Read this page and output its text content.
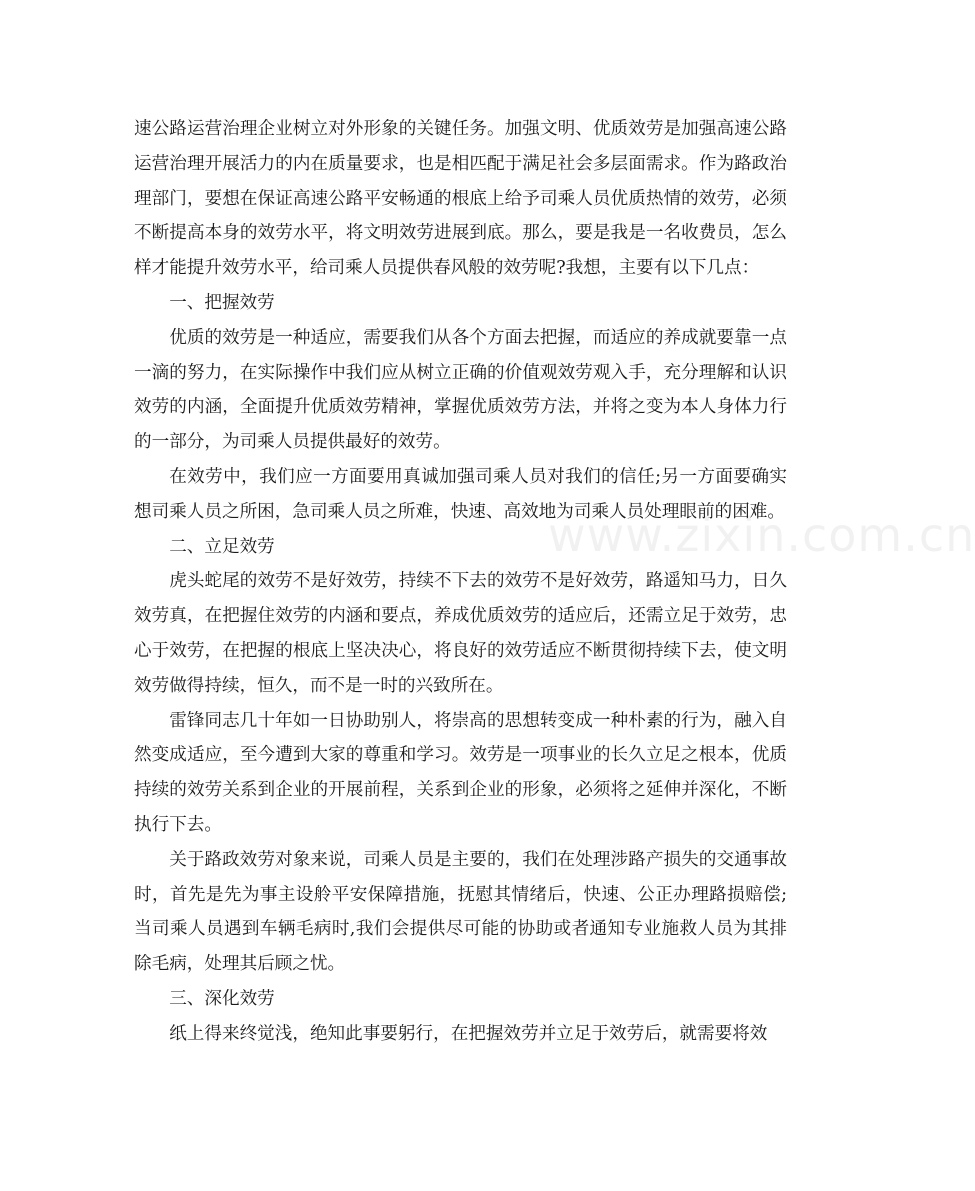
速公路运营治理企业树立对外形象的关键任务。加强文明、优质效劳是加强高速公路运营治理开展活力的内在质量要求，也是相匹配于满足社会多层面需求。作为路政治理部门，要想在保证高速公路平安畅通的根底上给予司乘人员优质热情的效劳，必须不断提高本身的效劳水平，将文明效劳进展到底。那么，要是我是一名收费员，怎么样才能提升效劳水平，给司乘人员提供春风般的效劳呢?我想，主要有以下几点：

一、把握效劳

优质的效劳是一种适应，需要我们从各个方面去把握，而适应的养成就要靠一点一滴的努力，在实际操作中我们应从树立正确的价值观效劳观入手，充分理解和认识效劳的内涵，全面提升优质效劳精神，掌握优质效劳方法，并将之变为本人身体力行的一部分，为司乘人员提供最好的效劳。

在效劳中，我们应一方面要用真诚加强司乘人员对我们的信任;另一方面要确实想司乘人员之所困，急司乘人员之所难，快速、高效地为司乘人员处理眼前的困难。

二、立足效劳

虎头蛇尾的效劳不是好效劳，持续不下去的效劳不是好效劳，路遥知马力，日久效劳真，在把握住效劳的内涵和要点，养成优质效劳的适应后，还需立足于效劳，忠心于效劳，在把握的根底上坚决决心，将良好的效劳适应不断贯彻持续下去，使文明效劳做得持续，恒久，而不是一时的兴致所在。

雷锋同志几十年如一日协助别人，将崇高的思想转变成一种朴素的行为，融入自然变成适应，至今遭到大家的尊重和学习。效劳是一项事业的长久立足之根本，优质持续的效劳关系到企业的开展前程，关系到企业的形象，必须将之延伸并深化，不断执行下去。

关于路政效劳对象来说，司乘人员是主要的，我们在处理涉路产损失的交通事故时，首先是先为事主设舲平安保障措施，抚慰其情绪后，快速、公正办理路损赔偿;当司乘人员遇到车辆毛病时,我们会提供尽可能的协助或者通知专业施救人员为其排除毛病，处理其后顾之忧。

三、深化效劳

纸上得来终觉浅，绝知此事要躬行，在把握效劳并立足于效劳后，就需要将效

www.zixin.com.cn
